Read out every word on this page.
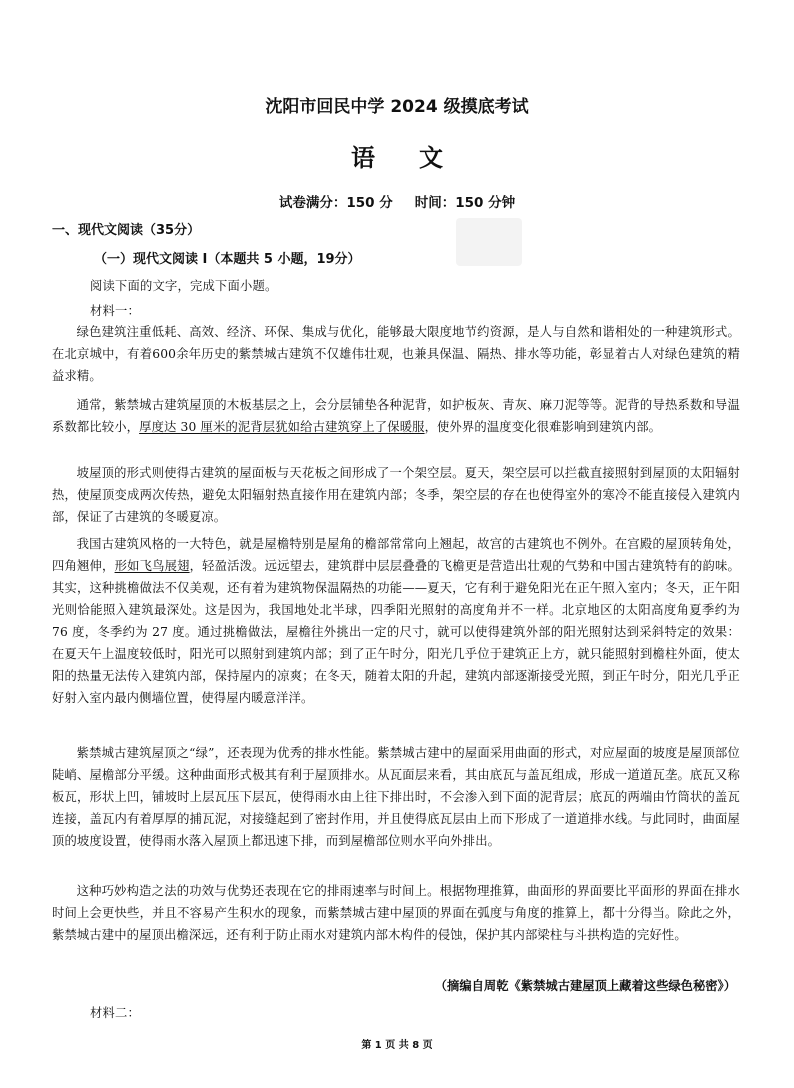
沈阳市回民中学 2024 级摸底考试
语 文
试卷满分：150 分 时间：150 分钟
一、现代文阅读（35分）
（一）现代文阅读 I（本题共 5 小题，19分）
阅读下面的文字，完成下面小题。
材料一：
绿色建筑注重低耗、高效、经济、环保、集成与优化，能够最大限度地节约资源，是人与自然和谐相处的一种建筑形式。在北京城中，有着600余年历史的紫禁城古建筑不仅雄伟壮观，也兼具保温、隔热、排水等功能，彰显着古人对绿色建筑的精益求精。
通常，紫禁城古建筑屋顶的木板基层之上，会分层铺垫各种泥背，如护板灰、青灰、麻刀泥等等。泥背的导热系数和导温系数都比较小，厚度达 30 厘米的泥背层犹如给古建筑穿上了保暖服，使外界的温度变化很难影响到建筑内部。
坡屋顶的形式则使得古建筑的屋面板与天花板之间形成了一个架空层。夏天，架空层可以拦截直接照射到屋顶的太阳辐射热，使屋顶变成两次传热，避免太阳辐射热直接作用在建筑内部；冬季，架空层的存在也使得室外的寒冷不能直接侵入建筑内部，保证了古建筑的冬暖夏凉。
我国古建筑风格的一大特色，就是屋檐特别是屋角的檐部常常向上翘起，故宫的古建筑也不例外。在宫殿的屋顶转角处，四角翘伸，形如飞鸟展翅，轻盈活泼。远远望去，建筑群中层层叠叠的飞檐更是营造出壮观的气势和中国古建筑特有的韵味。其实，这种挑檐做法不仅美观，还有着为建筑物保温隔热的功能——夏天，它有利于避免阳光在正午照入室内；冬天，正午阳光则恰能照入建筑最深处。这是因为，我国地处北半球，四季阳光照射的高度角并不一样。北京地区的太阳高度角夏季约为 76 度，冬季约为 27 度。通过挑檐做法，屋檐往外挑出一定的尺寸，就可以使得建筑外部的阳光照射达到采斜特定的效果：在夏天午上温度较低时，阳光可以照射到建筑内部；到了正午时分，阳光几乎位于建筑正上方，就只能照射到檐柱外面，使太阳的热量无法传入建筑内部，保持屋内的凉爽；在冬天，随着太阳的升起，建筑内部逐渐接受光照，到正午时分，阳光几乎正好射入室内最内侧墙位置，使得屋内暖意洋洋。
紫禁城古建筑屋顶之“绿”，还表现为优秀的排水性能。紫禁城古建中的屋面采用曲面的形式，对应屋面的坡度是屋顶部位陡峭、屋檐部分平缓。这种曲面形式极其有利于屋顶排水。从瓦面层来看，其由底瓦与盖瓦组成，形成一道道瓦垄。底瓦又称板瓦，形状上凹，铺坡时上层瓦压下层瓦，使得雨水由上往下排出时，不会渗入到下面的泥背层；底瓦的两端由竹筒状的盖瓦连接，盖瓦内有着厚厚的捕瓦泥，对接缝起到了密封作用，并且使得底瓦层由上而下形成了一道道排水线。与此同时，曲面屋顶的坡度设置，使得雨水落入屋顶上都迅速下排，而到屋檐部位则水平向外排出。
这种巧妙构造之法的功效与优势还表现在它的排雨速率与时间上。根据物理推算，曲面形的界面要比平面形的界面在排水时间上会更快些，并且不容易产生积水的现象，而紫禁城古建中屋顶的界面在弧度与角度的推算上，都十分得当。除此之外，紫禁城古建中的屋顶出檐深远，还有利于防止雨水对建筑内部木构件的侵蚀，保护其内部梁柱与斗拱构造的完好性。
（摘编自周乾《紫禁城古建屋顶上藏着这些绿色秘密》）
材料二：
第 1 页 共 8 页
